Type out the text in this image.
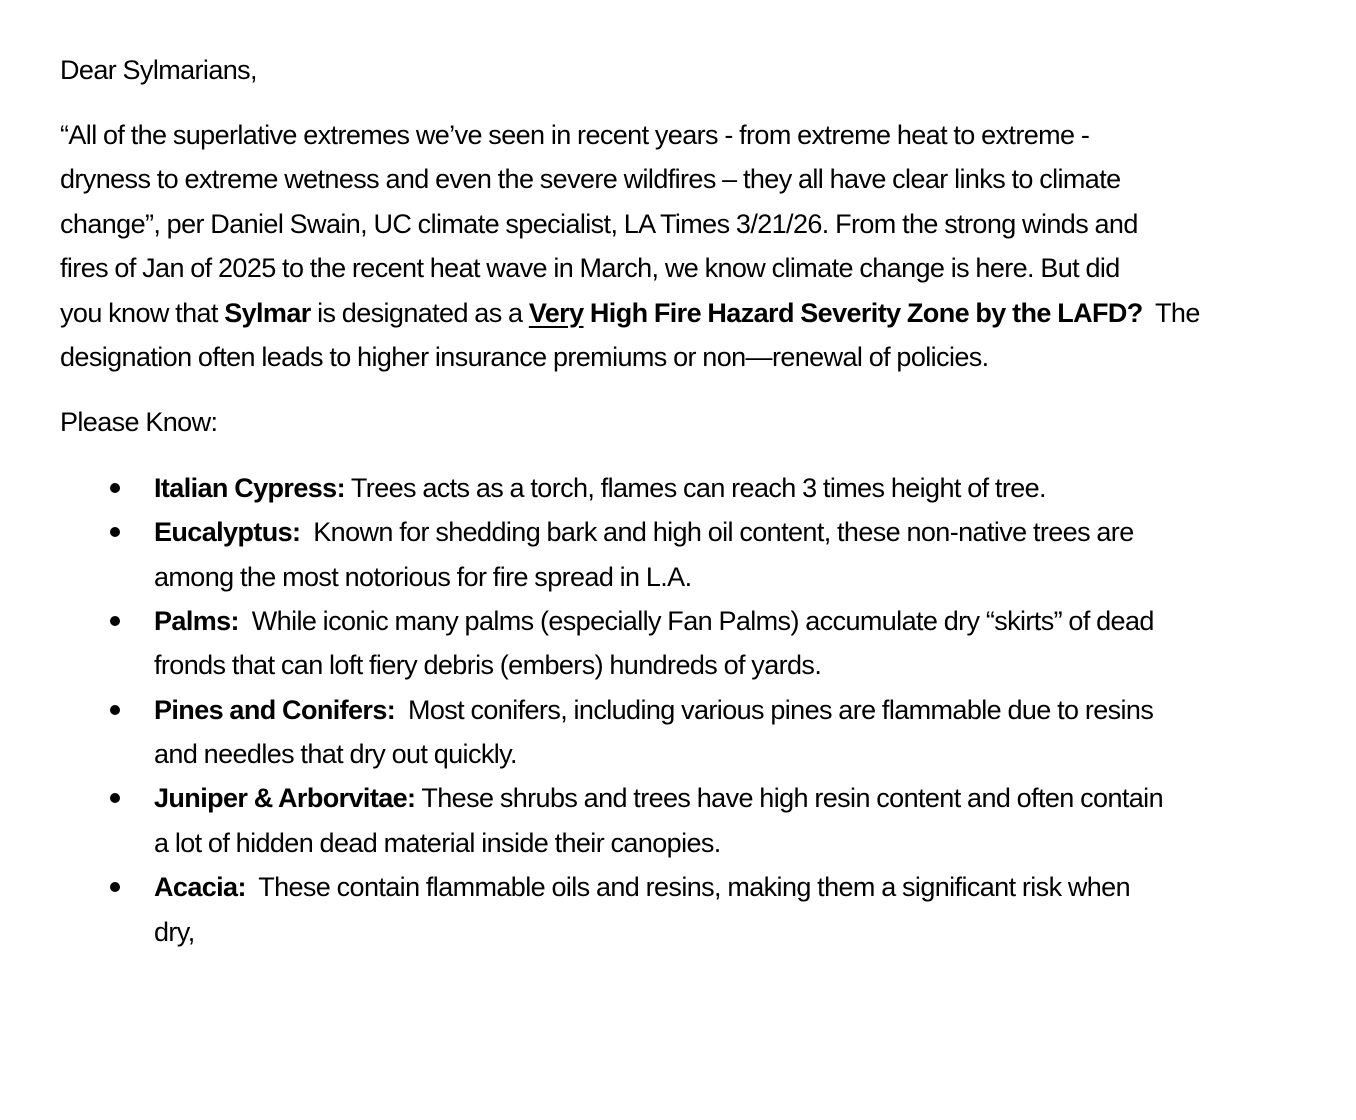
Dear Sylmarians,
“All of the superlative extremes we’ve seen in recent years - from extreme heat to extreme -
dryness to extreme wetness and even the severe wildfires – they all have clear links to climate
change”, per Daniel Swain, UC climate specialist, LA Times 3/21/26. From the strong winds and
fires of Jan of 2025 to the recent heat wave in March, we know climate change is here. But did
you know that Sylmar is designated as a Very High Fire Hazard Severity Zone by the LAFD?  The
designation often leads to higher insurance premiums or non—renewal of policies.
Please Know:
Italian Cypress: Trees acts as a torch, flames can reach 3 times height of tree.
Eucalyptus: Known for shedding bark and high oil content, these non-native trees are
among the most notorious for fire spread in L.A.
Palms: While iconic many palms (especially Fan Palms) accumulate dry “skirts” of dead
fronds that can loft fiery debris (embers) hundreds of yards.
Pines and Conifers: Most conifers, including various pines are flammable due to resins
and needles that dry out quickly.
Juniper & Arborvitae: These shrubs and trees have high resin content and often contain
a lot of hidden dead material inside their canopies.
Acacia: These contain flammable oils and resins, making them a significant risk when
dry,
